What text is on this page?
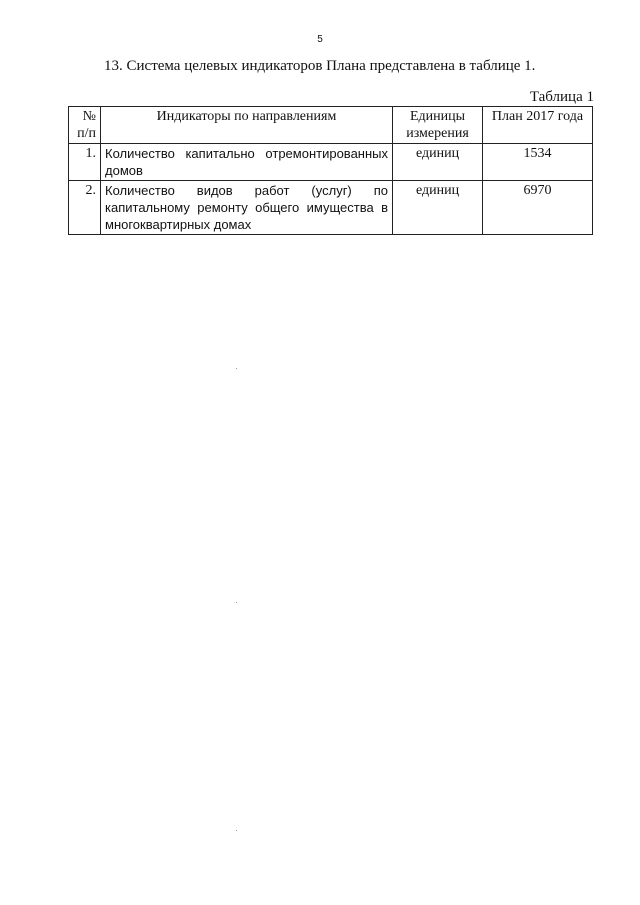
5
13. Система целевых индикаторов Плана представлена в таблице 1.
Таблица 1
№ п/п	Индикаторы по направлениям	Единицы измерения	План 2017 года
1.	Количество капитально отремонтированных домов	единиц	1534
2.	Количество видов работ (услуг) по капитальному ремонту общего имущества в многоквартирных домах	единиц	6970
